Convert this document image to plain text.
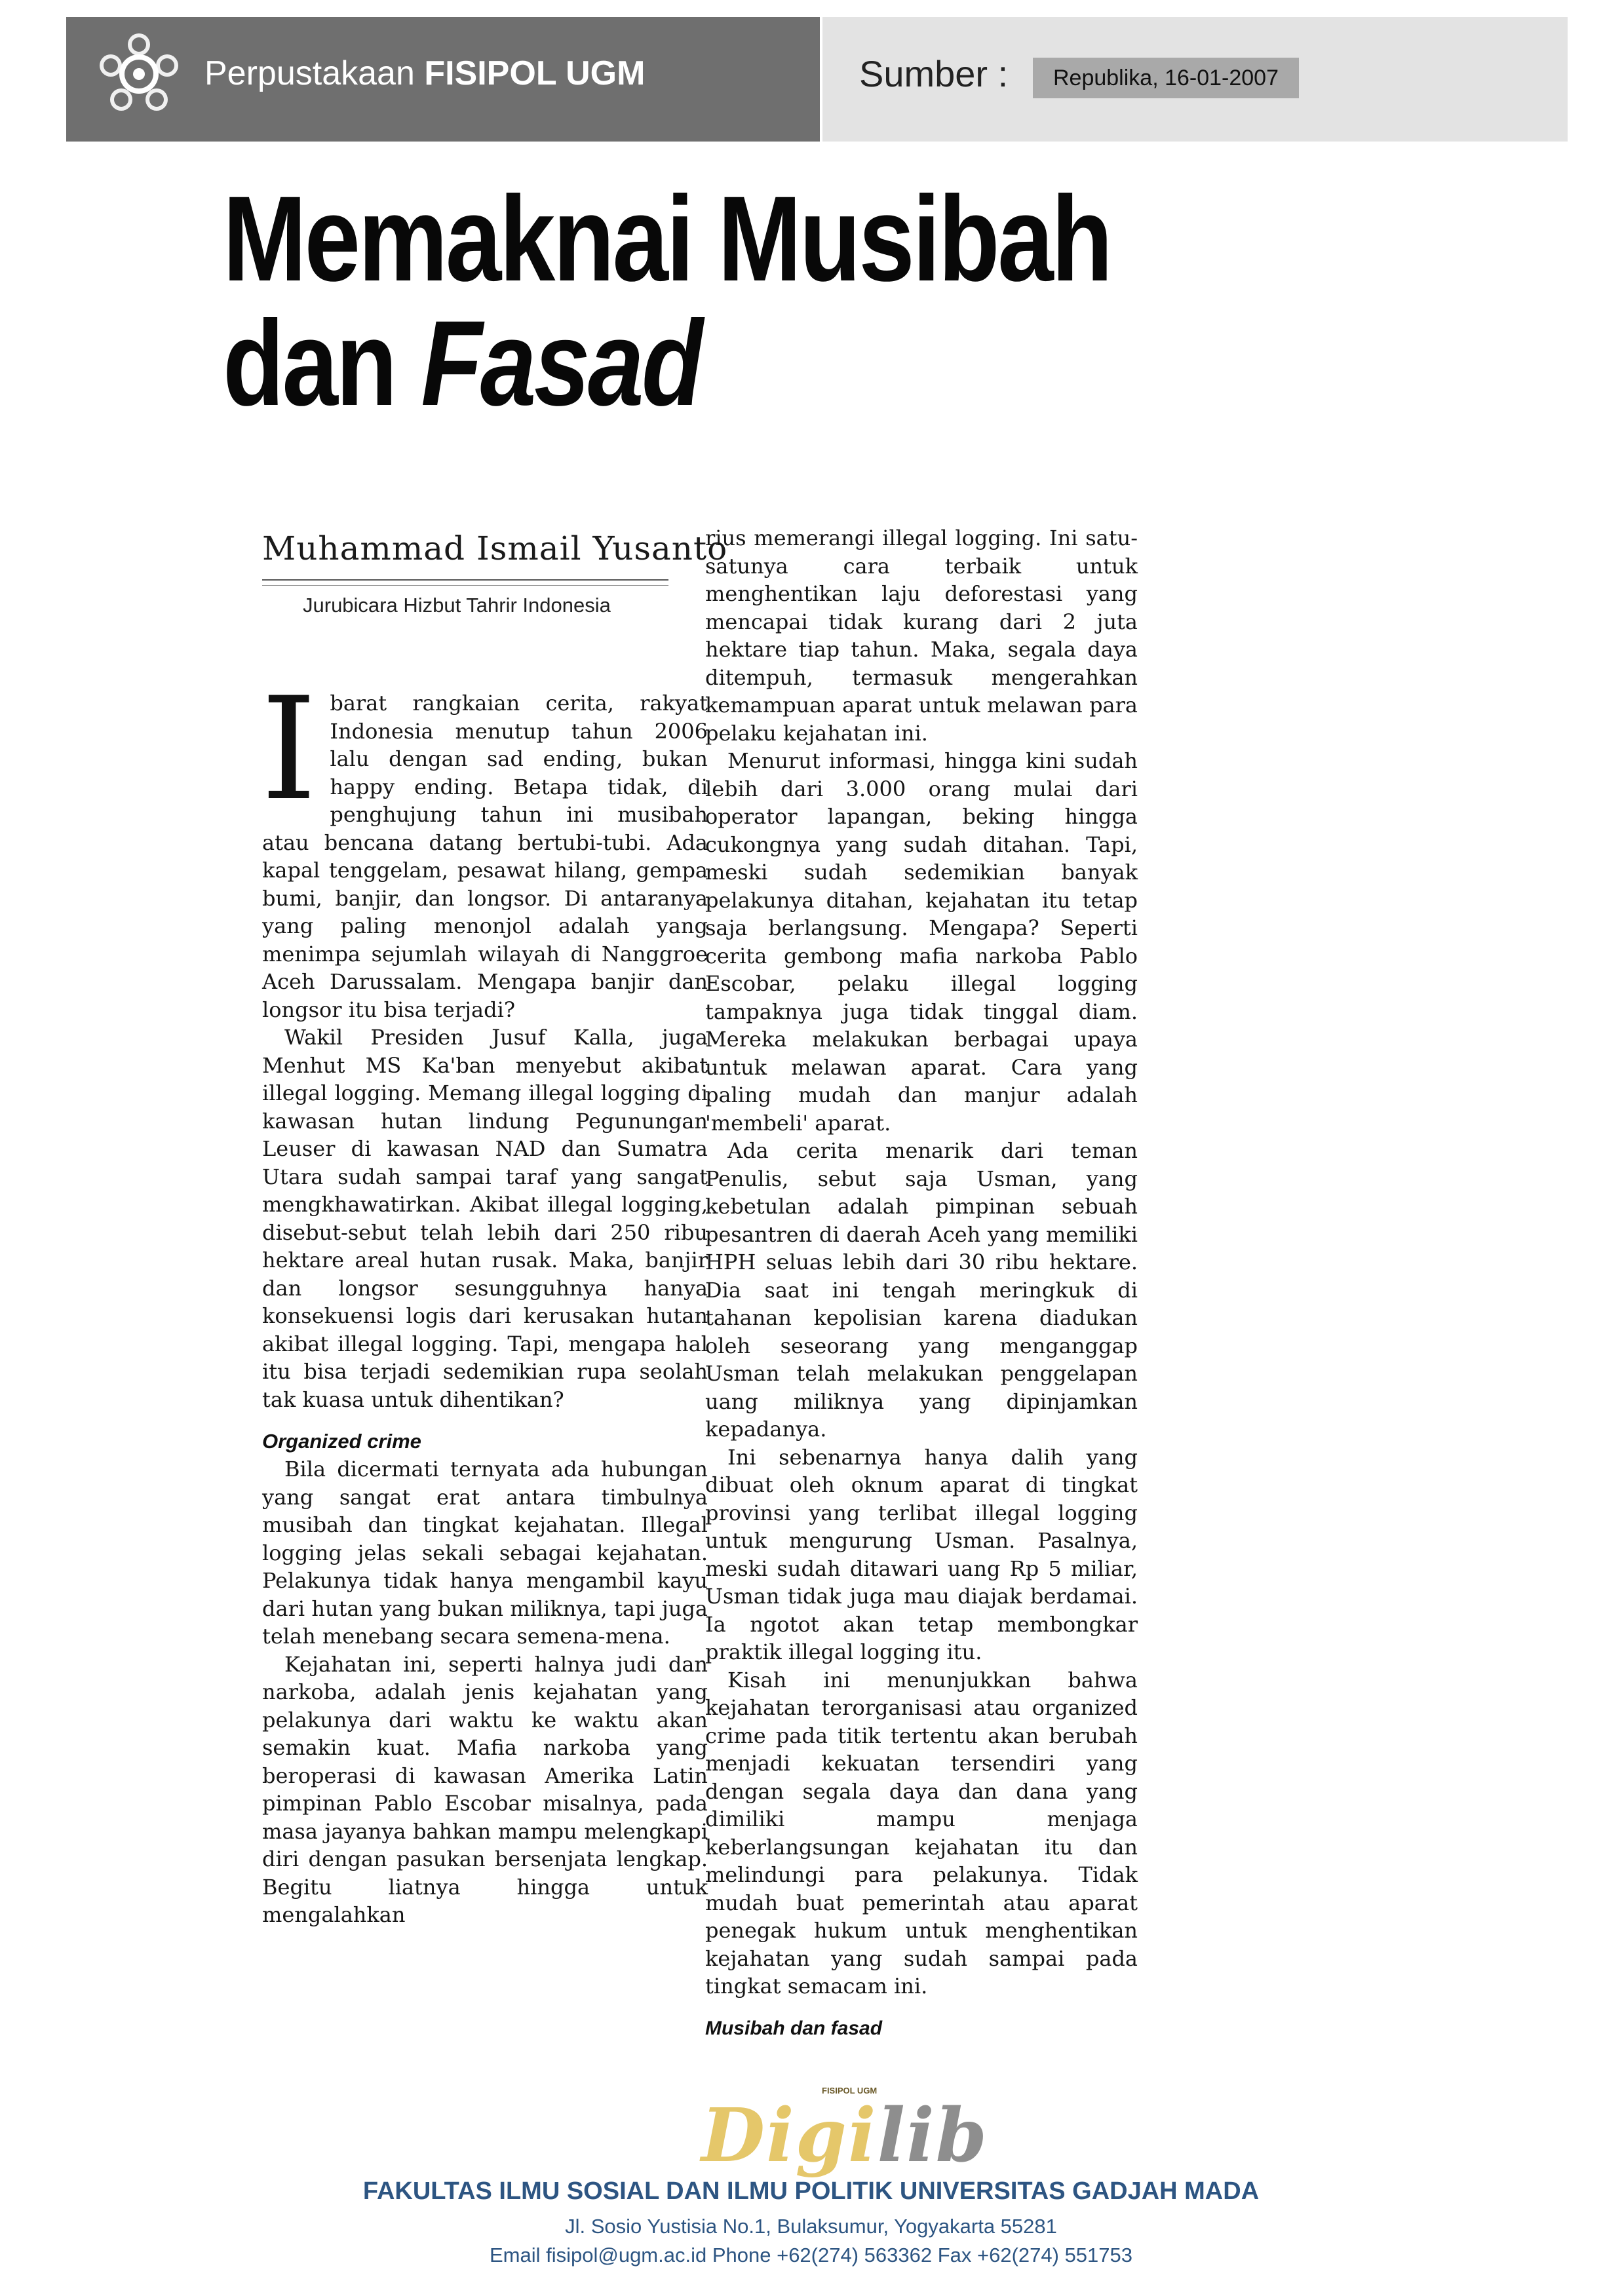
Perpustakaan FISIPOL UGM	Sumber :	Republika, 16-01-2007
Memaknai Musibah
dan Fasad
Muhammad Ismail Yusanto
Jurubicara Hizbut Tahrir Indonesia
I barat rangkaian cerita, rakyat Indonesia menutup tahun 2006 lalu dengan sad ending, bukan happy ending. Betapa tidak, di penghujung tahun ini musibah atau bencana datang bertubi-tubi. Ada kapal tenggelam, pesawat hilang, gempa bumi, banjir, dan longsor. Di antaranya yang paling menonjol adalah yang menimpa sejumlah wilayah di Nanggroe Aceh Darussalam. Mengapa banjir dan longsor itu bisa terjadi?

Wakil Presiden Jusuf Kalla, juga Menhut MS Ka'ban menyebut akibat illegal logging. Memang illegal logging di kawasan hutan lindung Pegunungan Leuser di kawasan NAD dan Sumatra Utara sudah sampai taraf yang sangat mengkhawatirkan. Akibat illegal logging, disebut-sebut telah lebih dari 250 ribu hektare areal hutan rusak. Maka, banjir dan longsor sesungguhnya hanya konsekuensi logis dari kerusakan hutan akibat illegal logging. Tapi, mengapa hal itu bisa terjadi sedemikian rupa seolah tak kuasa untuk dihentikan?

Organized crime

Bila dicermati ternyata ada hubungan yang sangat erat antara timbulnya musibah dan tingkat kejahatan. Illegal logging jelas sekali sebagai kejahatan. Pelakunya tidak hanya mengambil kayu dari hutan yang bukan miliknya, tapi juga telah menebang secara semena-mena.

Kejahatan ini, seperti halnya judi dan narkoba, adalah jenis kejahatan yang pelakunya dari waktu ke waktu akan semakin kuat. Mafia narkoba yang beroperasi di kawasan Amerika Latin pimpinan Pablo Escobar misalnya, pada masa jayanya bahkan mampu melengkapi diri dengan pasukan bersenjata lengkap. Begitu liatnya hingga untuk mengalahkan

rius memerangi illegal logging. Ini satu-satunya cara terbaik untuk menghentikan laju deforestasi yang mencapai tidak kurang dari 2 juta hektare tiap tahun. Maka, segala daya ditempuh, termasuk mengerahkan kemampuan aparat untuk melawan para pelaku kejahatan ini.

Menurut informasi, hingga kini sudah lebih dari 3.000 orang mulai dari operator lapangan, beking hingga cukongnya yang sudah ditahan. Tapi, meski sudah sedemikian banyak pelakunya ditahan, kejahatan itu tetap saja berlangsung. Mengapa? Seperti cerita gembong mafia narkoba Pablo Escobar, pelaku illegal logging tampaknya juga tidak tinggal diam. Mereka melakukan berbagai upaya untuk melawan aparat. Cara yang paling mudah dan manjur adalah 'membeli' aparat.

Ada cerita menarik dari teman Penulis, sebut saja Usman, yang kebetulan adalah pimpinan sebuah pesantren di daerah Aceh yang memiliki HPH seluas lebih dari 30 ribu hektare. Dia saat ini tengah meringkuk di tahanan kepolisian karena diadukan oleh seseorang yang menganggap Usman telah melakukan penggelapan uang miliknya yang dipinjamkan kepadanya.

Ini sebenarnya hanya dalih yang dibuat oleh oknum aparat di tingkat provinsi yang terlibat illegal logging untuk mengurung Usman. Pasalnya, meski sudah ditawari uang Rp 5 miliar, Usman tidak juga mau diajak berdamai. Ia ngotot akan tetap membongkar praktik illegal logging itu.

Kisah ini menunjukkan bahwa kejahatan terorganisasi atau organized crime pada titik tertentu akan berubah menjadi kekuatan tersendiri yang dengan segala daya dan dana yang dimiliki mampu menjaga keberlangsungan kejahatan itu dan melindungi para pelakunya. Tidak mudah buat pemerintah atau aparat penegak hukum untuk menghentikan kejahatan yang sudah sampai pada tingkat semacam ini.

Musibah dan fasad
FISIPOL UGM
Digilib
FAKULTAS ILMU SOSIAL DAN ILMU POLITIK UNIVERSITAS GADJAH MADA
Jl. Sosio Yustisia No.1, Bulaksumur, Yogyakarta 55281
Email fisipol@ugm.ac.id Phone +62(274) 563362 Fax +62(274) 551753
